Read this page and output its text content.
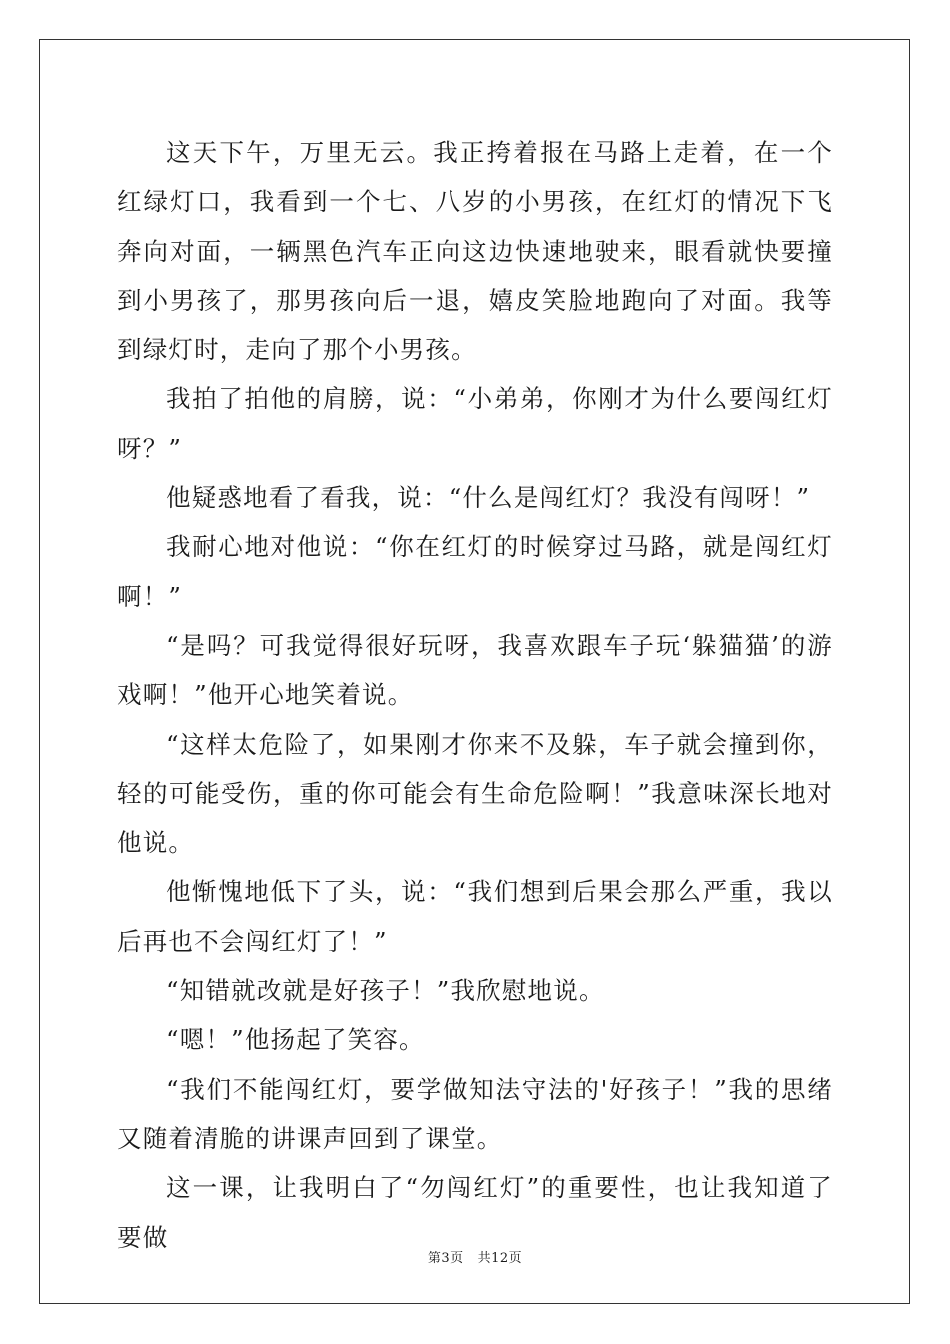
这天下午，万里无云。我正挎着报在马路上走着，在一个红绿灯口，我看到一个七、八岁的小男孩，在红灯的情况下飞奔向对面，一辆黑色汽车正向这边快速地驶来，眼看就快要撞到小男孩了，那男孩向后一退，嬉皮笑脸地跑向了对面。我等到绿灯时，走向了那个小男孩。

我拍了拍他的肩膀，说：“小弟弟，你刚才为什么要闯红灯呀？”

他疑惑地看了看我，说：“什么是闯红灯？我没有闯呀！”

我耐心地对他说：“你在红灯的时候穿过马路，就是闯红灯啊！”

“是吗？可我觉得很好玩呀，我喜欢跟车子玩‘躲猫猫’的游戏啊！”他开心地笑着说。

“这样太危险了，如果刚才你来不及躲，车子就会撞到你，轻的可能受伤，重的你可能会有生命危险啊！”我意味深长地对他说。

他惭愧地低下了头，说：“我们想到后果会那么严重，我以后再也不会闯红灯了！”

“知错就改就是好孩子！”我欣慰地说。

“嗯！”他扬起了笑容。

“我们不能闯红灯，要学做知法守法的'好孩子！”我的思绪又随着清脆的讲课声回到了课堂。

这一课，让我明白了“勿闯红灯”的重要性，也让我知道了要做

第3页 共12页
